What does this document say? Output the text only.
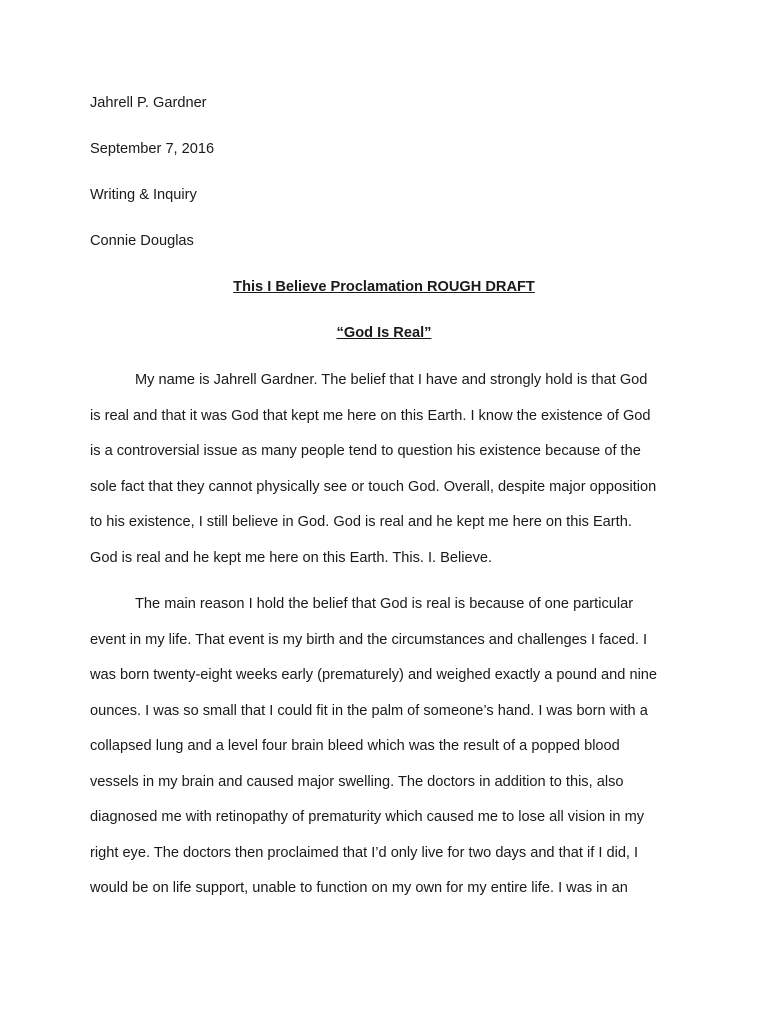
Jahrell P. Gardner
September 7, 2016
Writing & Inquiry
Connie Douglas
This I Believe Proclamation ROUGH DRAFT
“God Is Real”
My name is Jahrell Gardner. The belief that I have and strongly hold is that God
is real and that it was God that kept me here on this Earth. I know the existence of God
is a controversial issue as many people tend to question his existence because of the
sole fact that they cannot physically see or touch God. Overall, despite major opposition
to his existence, I still believe in God. God is real and he kept me here on this Earth.
God is real and he kept me here on this Earth. This. I. Believe.
The main reason I hold the belief that God is real is because of one particular
event in my life. That event is my birth and the circumstances and challenges I faced. I
was born twenty-eight weeks early (prematurely) and weighed exactly a pound and nine
ounces. I was so small that I could fit in the palm of someone’s hand. I was born with a
collapsed lung and a level four brain bleed which was the result of a popped blood
vessels in my brain and caused major swelling. The doctors in addition to this, also
diagnosed me with retinopathy of prematurity which caused me to lose all vision in my
right eye. The doctors then proclaimed that I’d only live for two days and that if I did, I
would be on life support, unable to function on my own for my entire life. I was in an
